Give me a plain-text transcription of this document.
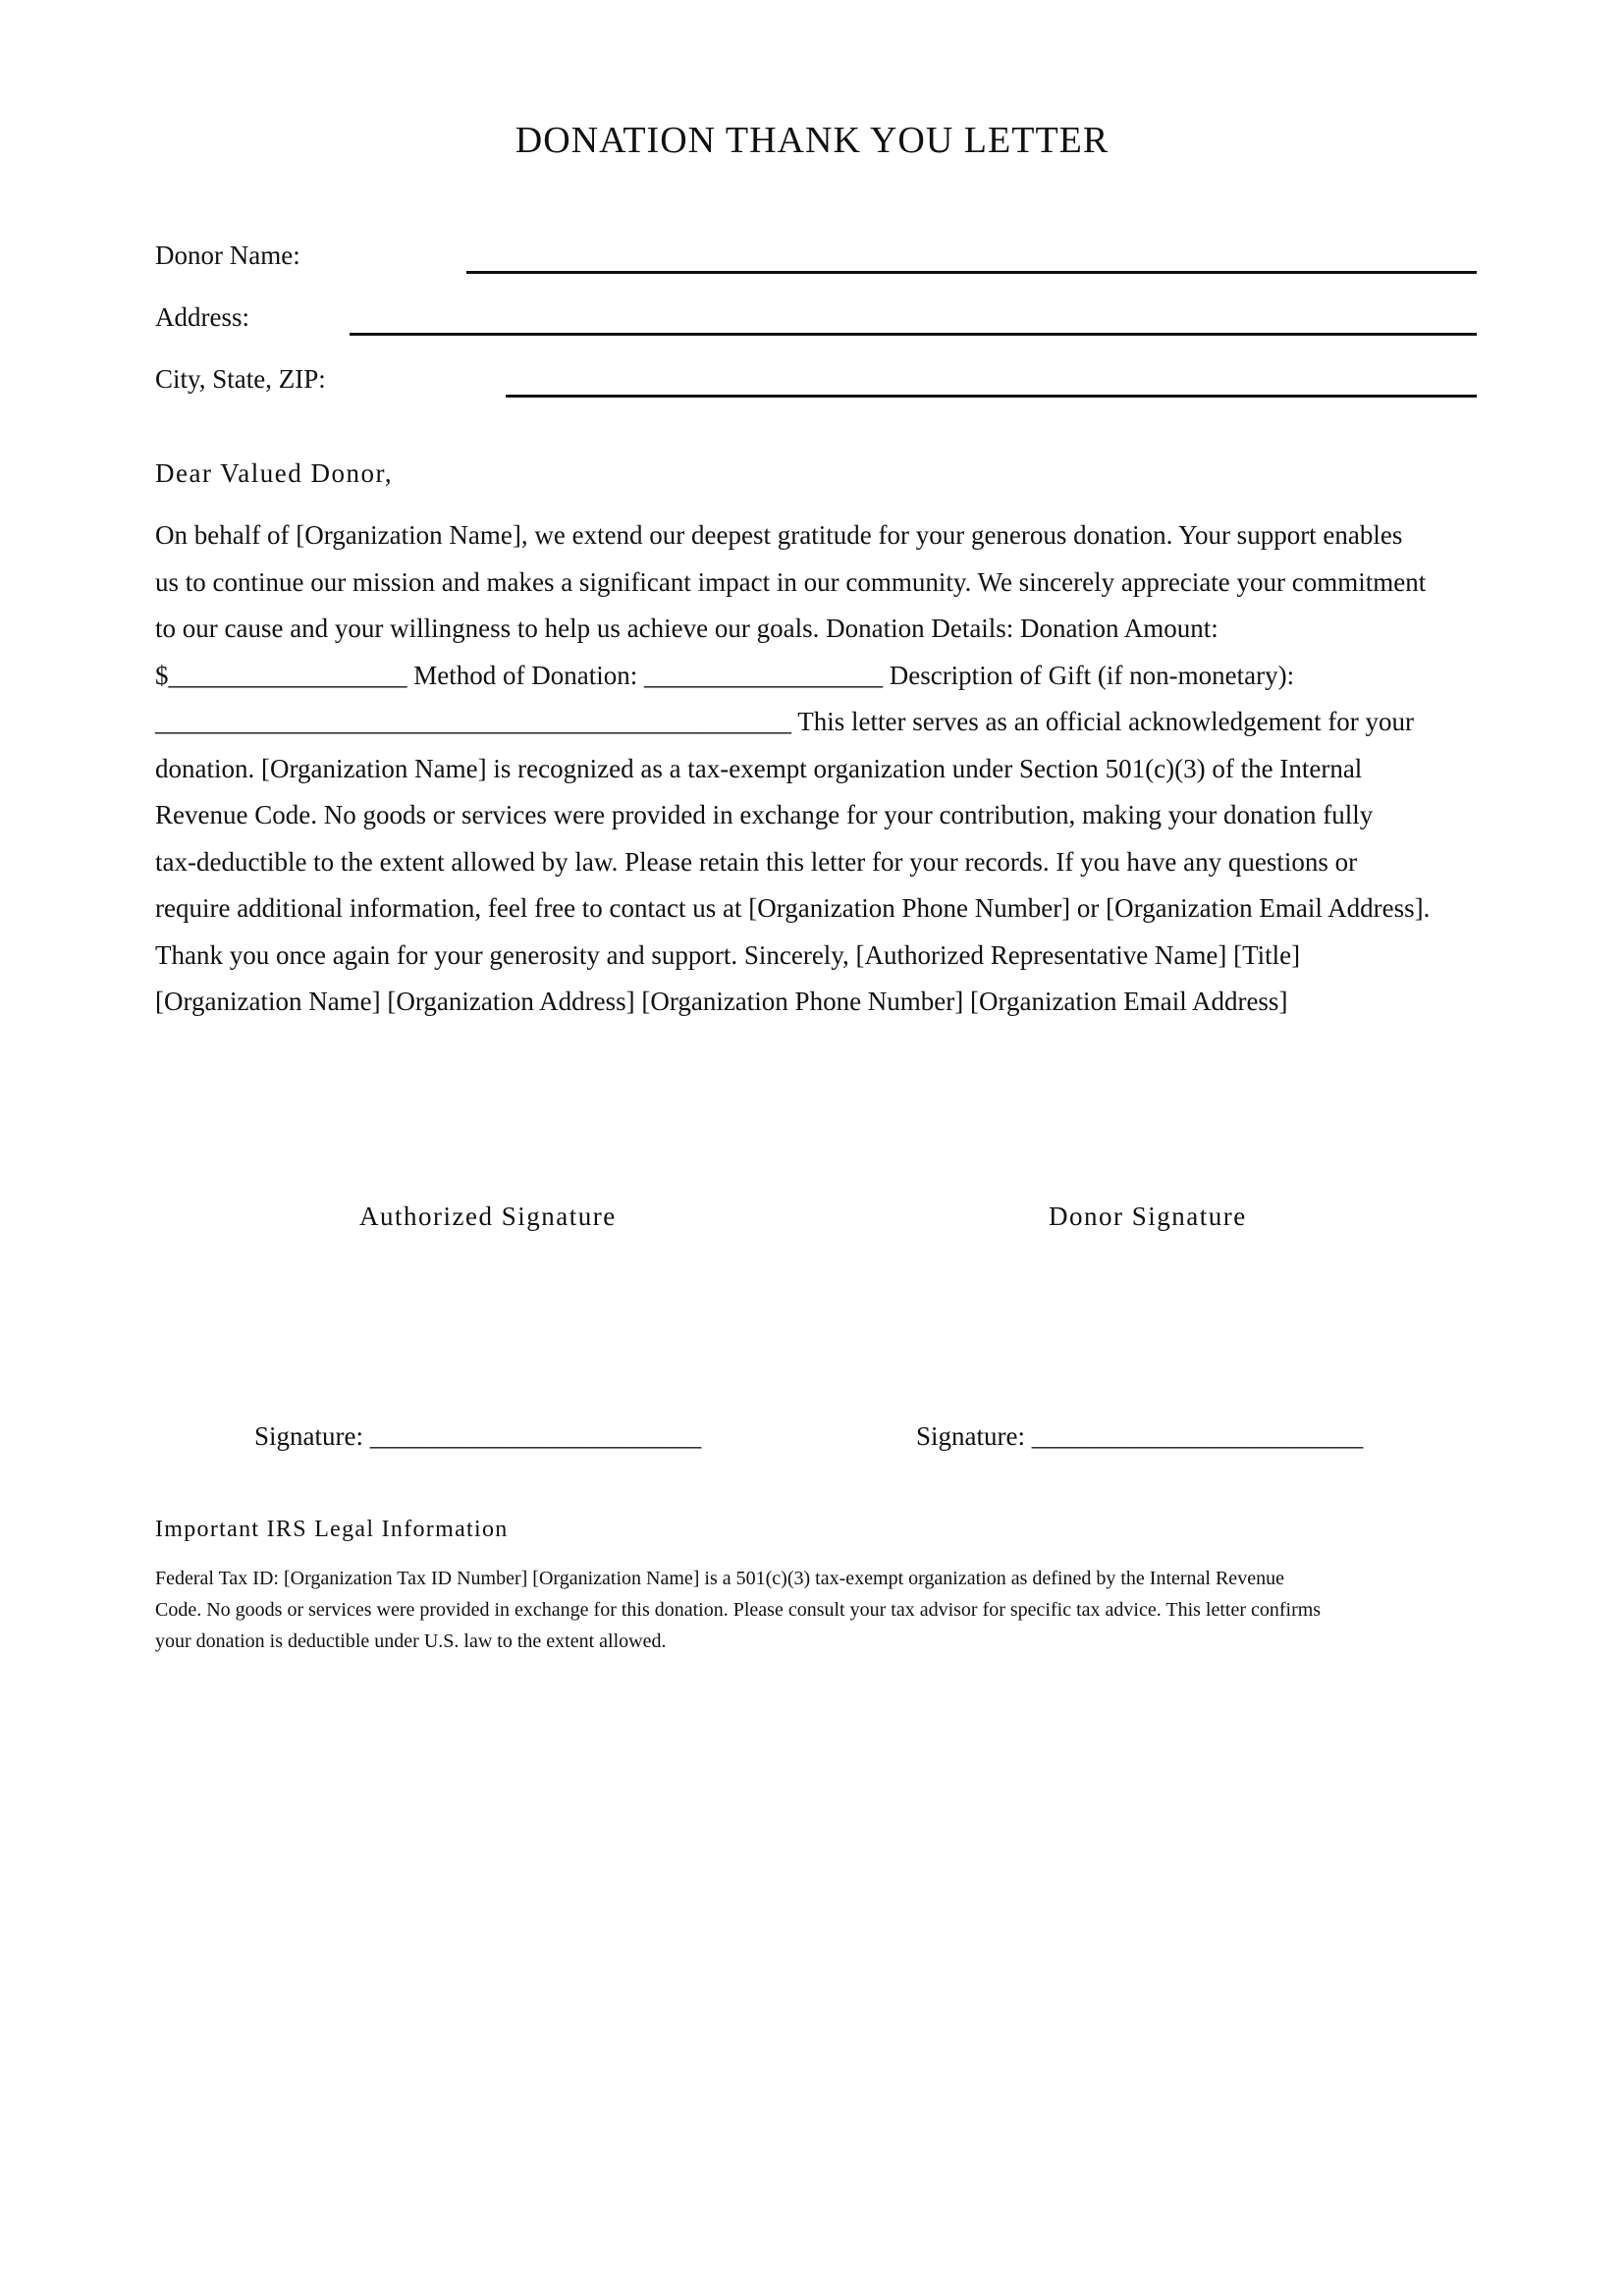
DONATION THANK YOU LETTER
Donor Name:
Address:
City, State, ZIP:
Dear Valued Donor,

On behalf of [Organization Name], we extend our deepest gratitude for your generous donation. Your support enables
us to continue our mission and makes a significant impact in our community. We sincerely appreciate your commitment
to our cause and your willingness to help us achieve our goals. Donation Details: Donation Amount:
$__________________ Method of Donation: __________________ Description of Gift (if non-monetary):
________________________________________________ This letter serves as an official acknowledgement for your
donation. [Organization Name] is recognized as a tax-exempt organization under Section 501(c)(3) of the Internal
Revenue Code. No goods or services were provided in exchange for your contribution, making your donation fully
tax-deductible to the extent allowed by law. Please retain this letter for your records. If you have any questions or
require additional information, feel free to contact us at [Organization Phone Number] or [Organization Email Address].
Thank you once again for your generosity and support. Sincerely, [Authorized Representative Name] [Title]
[Organization Name] [Organization Address] [Organization Phone Number] [Organization Email Address]

Authorized Signature	Donor Signature
Signature: _________________________	Signature: _________________________
Important IRS Legal Information

Federal Tax ID: [Organization Tax ID Number] [Organization Name] is a 501(c)(3) tax-exempt organization as defined by the Internal Revenue
Code. No goods or services were provided in exchange for this donation. Please consult your tax advisor for specific tax advice. This letter confirms
your donation is deductible under U.S. law to the extent allowed.
